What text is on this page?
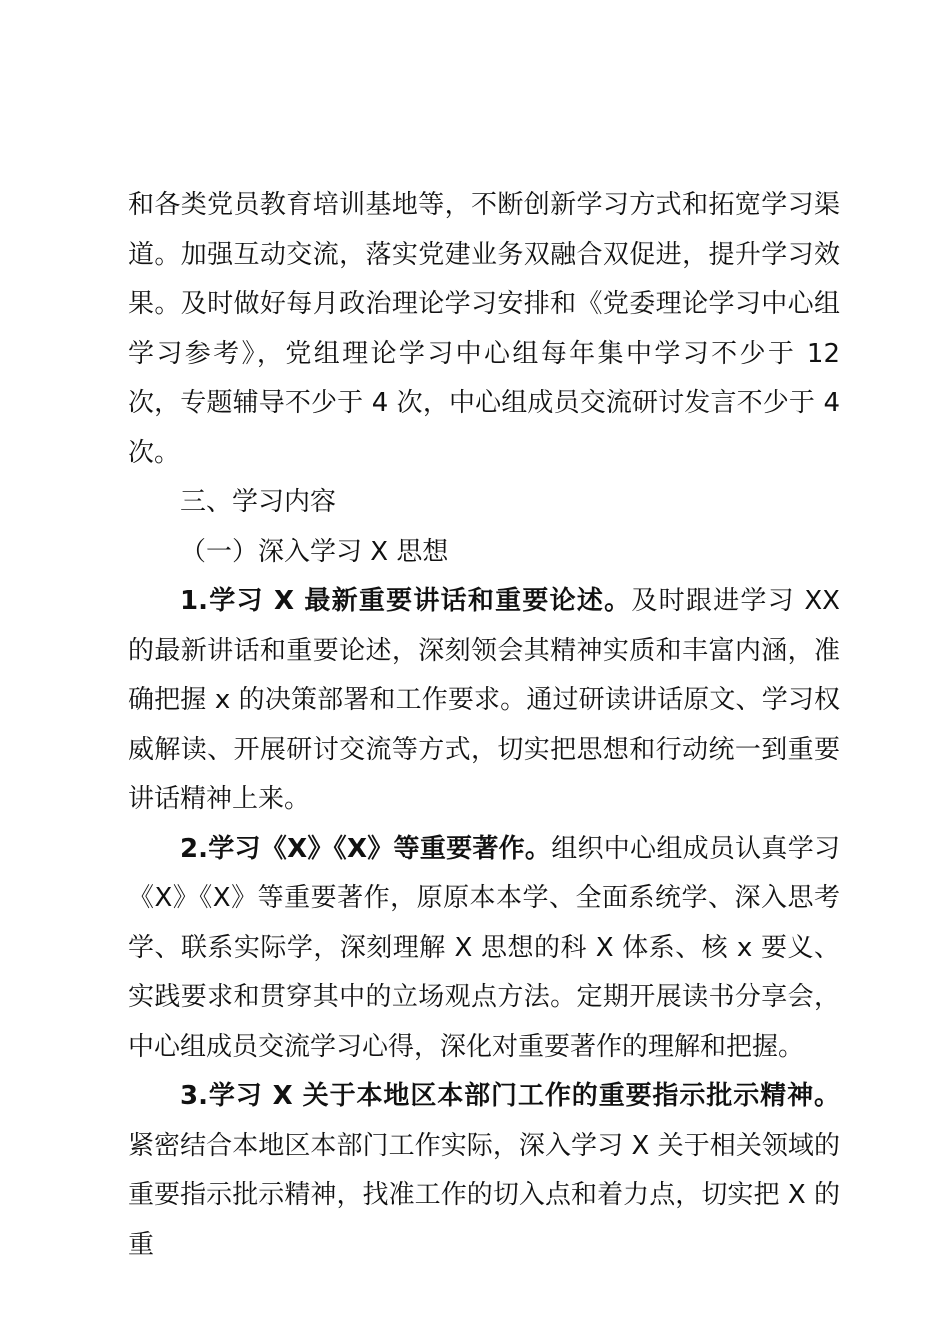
和各类党员教育培训基地等，不断创新学习方式和拓宽学习渠道。加强互动交流，落实党建业务双融合双促进，提升学习效果。及时做好每月政治理论学习安排和《党委理论学习中心组学习参考》，党组理论学习中心组每年集中学习不少于 12 次，专题辅导不少于 4 次，中心组成员交流研讨发言不少于 4 次。

三、学习内容

（一）深入学习 X 思想

1.学习 X 最新重要讲话和重要论述。及时跟进学习 XX 的最新讲话和重要论述，深刻领会其精神实质和丰富内涵，准确把握 x 的决策部署和工作要求。通过研读讲话原文、学习权威解读、开展研讨交流等方式，切实把思想和行动统一到重要讲话精神上来。

2.学习《X》《X》等重要著作。组织中心组成员认真学习《X》《X》等重要著作，原原本本学、全面系统学、深入思考学、联系实际学，深刻理解 X 思想的科 X 体系、核 x 要义、实践要求和贯穿其中的立场观点方法。定期开展读书分享会，中心组成员交流学习心得，深化对重要著作的理解和把握。

3.学习 X 关于本地区本部门工作的重要指示批示精神。紧密结合本地区本部门工作实际，深入学习 X 关于相关领域的重要指示批示精神，找准工作的切入点和着力点，切实把 X 的重
